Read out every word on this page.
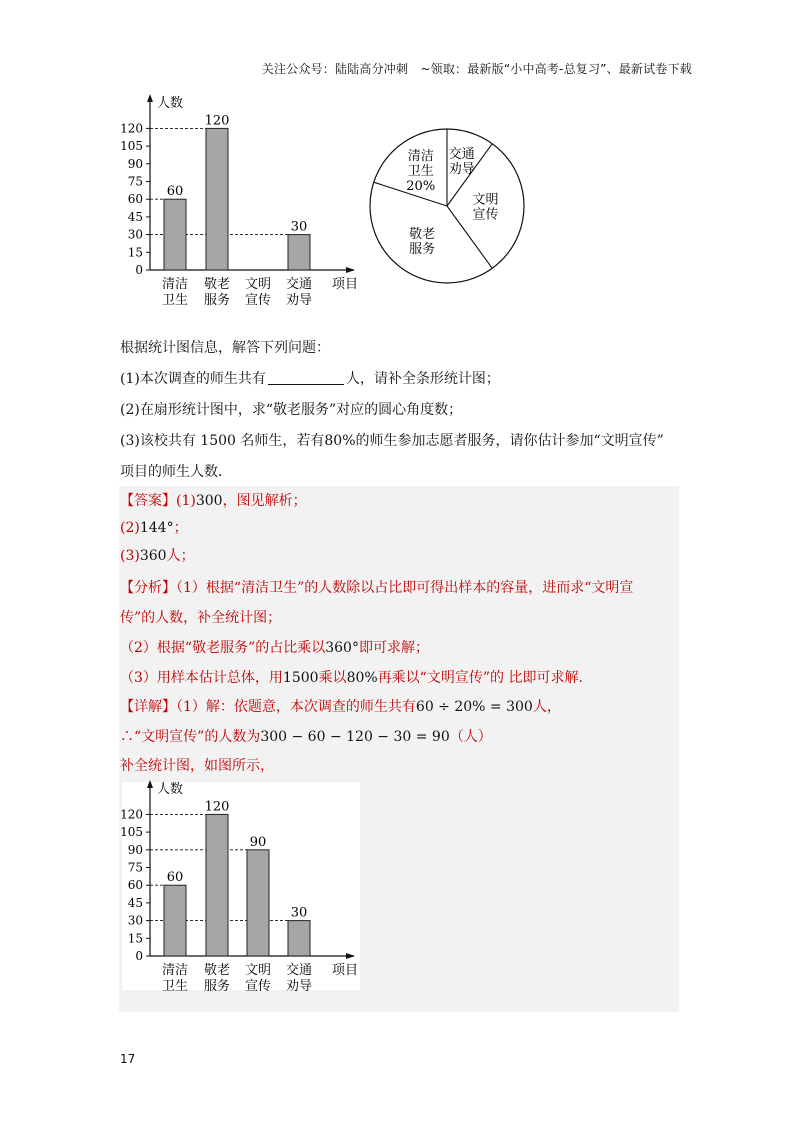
关注公众号：陆陆高分冲刺　~领取：最新版“小中高考-总复习”、最新试卷下载
人数
项目
0
15
30
45
60
75
90
105
120
60
清洁
卫生
120
敬老
服务
文明
宣传
30
交通
劝导
清洁
卫生
20%
交通
劝导
文明
宣传
敬老
服务
根据统计图信息，解答下列问题：
(1)本次调查的师生共有	人，请补全条形统计图；
(2)在扇形统计图中，求“敬老服务”对应的圆心角度数；
(3)该校共有 1500 名师生，若有80%的师生参加志愿者服务，请你估计参加“文明宣传”
项目的师生人数．
【答案】(1)300，图见解析；
(2)144°；
(3)360人；
【分析】（1）根据“清洁卫生”的人数除以占比即可得出样本的容量，进而求“文明宣
传”的人数，补全统计图；
（2）根据“敬老服务”的占比乘以360°即可求解；
（3）用样本估计总体，用1500乘以80%再乘以“文明宣传”的 比即可求解.
【详解】（1）解：依题意，本次调查的师生共有60 ÷ 20% = 300人，
∴“文明宣传”的人数为300 − 60 − 120 − 30 = 90（人）
补全统计图，如图所示，
人数
项目
0
15
30
45
60
75
90
105
120
60
清洁
卫生
120
敬老
服务
90
文明
宣传
30
交通
劝导
17
